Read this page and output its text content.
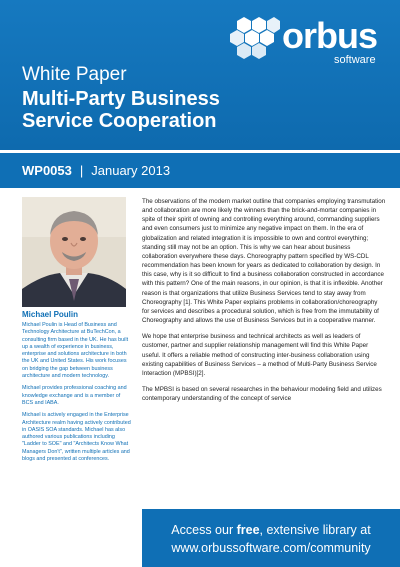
orbus
software
White Paper
Multi-Party Business
Service Cooperation
WP0053 | January 2013
Michael Poulin

Michael Poulin is Head of Business and Technology Architecture at BuTechCon, a consulting firm based in the UK. He has built up a wealth of experience in business, enterprise and solutions architecture in both the UK and United States. His work focuses on bridging the gap between business architecture and modern technology.

Michael provides professional coaching and knowledge exchange and is a member of BCS and IABA.

Michael is actively engaged in the Enterprise Architecture realm having actively contributed in OASIS SOA standards. Michael has also authored various publications including "Ladder to SOE" and "Architects Know What Managers Don't", written multiple articles and blogs and presented at conferences.

The observations of the modern market outline that companies employing transmutation and collaboration are more likely the winners than the brick-and-mortar companies in spite of their spirit of owning and controlling everything around, commanding suppliers and even consumers just to minimize any negative impact on them. In the era of globalization and related integration it is impossible to own and control everything; standing still may not be an option. This is why we can hear about business collaboration everywhere these days. Choreography pattern specified by WS-CDL recommendation has been known for years as dedicated to collaboration by design. In this case, why is it so difficult to find a business collaboration constructed in accordance with this pattern? One of the main reasons, in our opinion, is that it is inflexible. Another reason is that organizations that utilize Business Services tend to stay away from Choreography [1]. This White Paper explains problems in collaboration/choreography for services and describes a procedural solution, which is free from the immutability of Choreography and allows the use of Business Services but in a cooperative manner.

We hope that enterprise business and technical architects as well as leaders of customer, partner and supplier relationship management will find this White Paper useful. It offers a reliable method of constructing inter-business collaboration using existing capabilities of Business Services – a method of Multi-Party Business Service Interaction (MPBSI)[2].

The MPBSI is based on several researches in the behaviour modeling field and utilizes contemporary understanding of the concept of service

Access our free, extensive library at
www.orbussoftware.com/community
